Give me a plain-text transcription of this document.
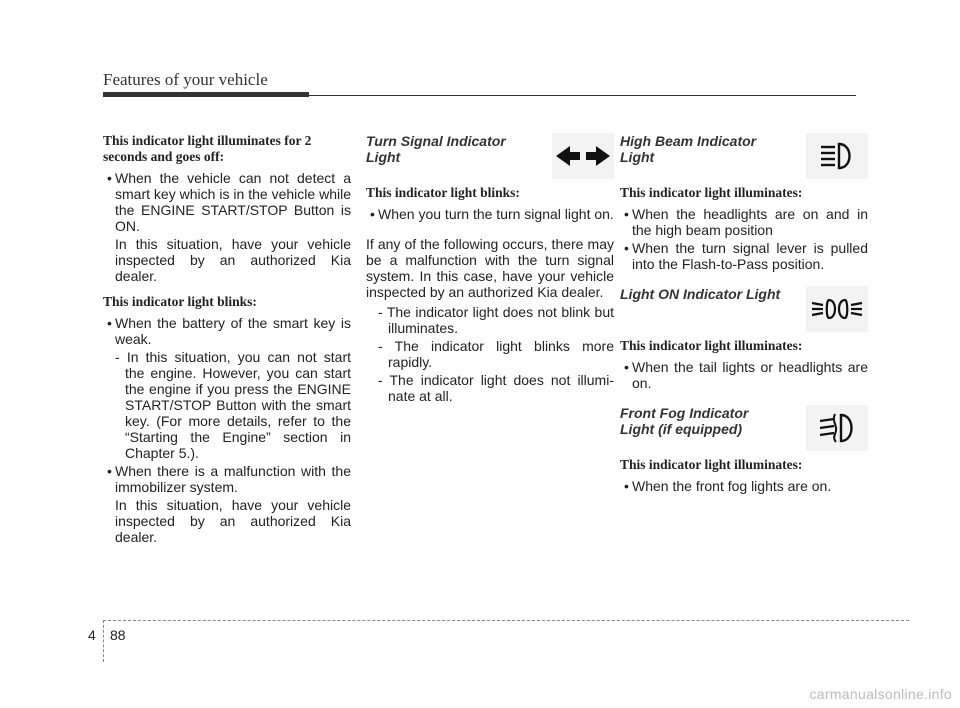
Features of your vehicle

This indicator light illuminates for 2 seconds and goes off:

• When the vehicle can not detect a smart key which is in the vehicle while the ENGINE START/STOP Button is ON.

In this situation, have your vehicle inspected by an authorized Kia dealer.

This indicator light blinks:

• When the battery of the smart key is weak.

- In this situation, you can not start the engine. However, you can start the engine if you press the ENGINE START/STOP Button with the smart key. (For more details, refer to the “Starting the Engine” section in Chapter 5.).

• When there is a malfunction with the immobilizer system.

In this situation, have your vehicle inspected by an authorized Kia dealer.

Turn Signal Indicator Light

This indicator light blinks:

• When you turn the turn signal light on.

If any of the following occurs, there may be a malfunction with the turn signal system. In this case, have your vehicle inspected by an authorized Kia dealer.

- The indicator light does not blink but illuminates.

- The indicator light blinks more rapidly.

- The indicator light does not illumi- nate at all.

High Beam Indicator Light

This indicator light illuminates:

• When the headlights are on and in the high beam position

• When the turn signal lever is pulled into the Flash-to-Pass position.

Light ON Indicator Light

This indicator light illuminates:

• When the tail lights or headlights are on.

Front Fog Indicator Light (if equipped)

This indicator light illuminates:

• When the front fog lights are on.

4 88
carmanualsonline.info
